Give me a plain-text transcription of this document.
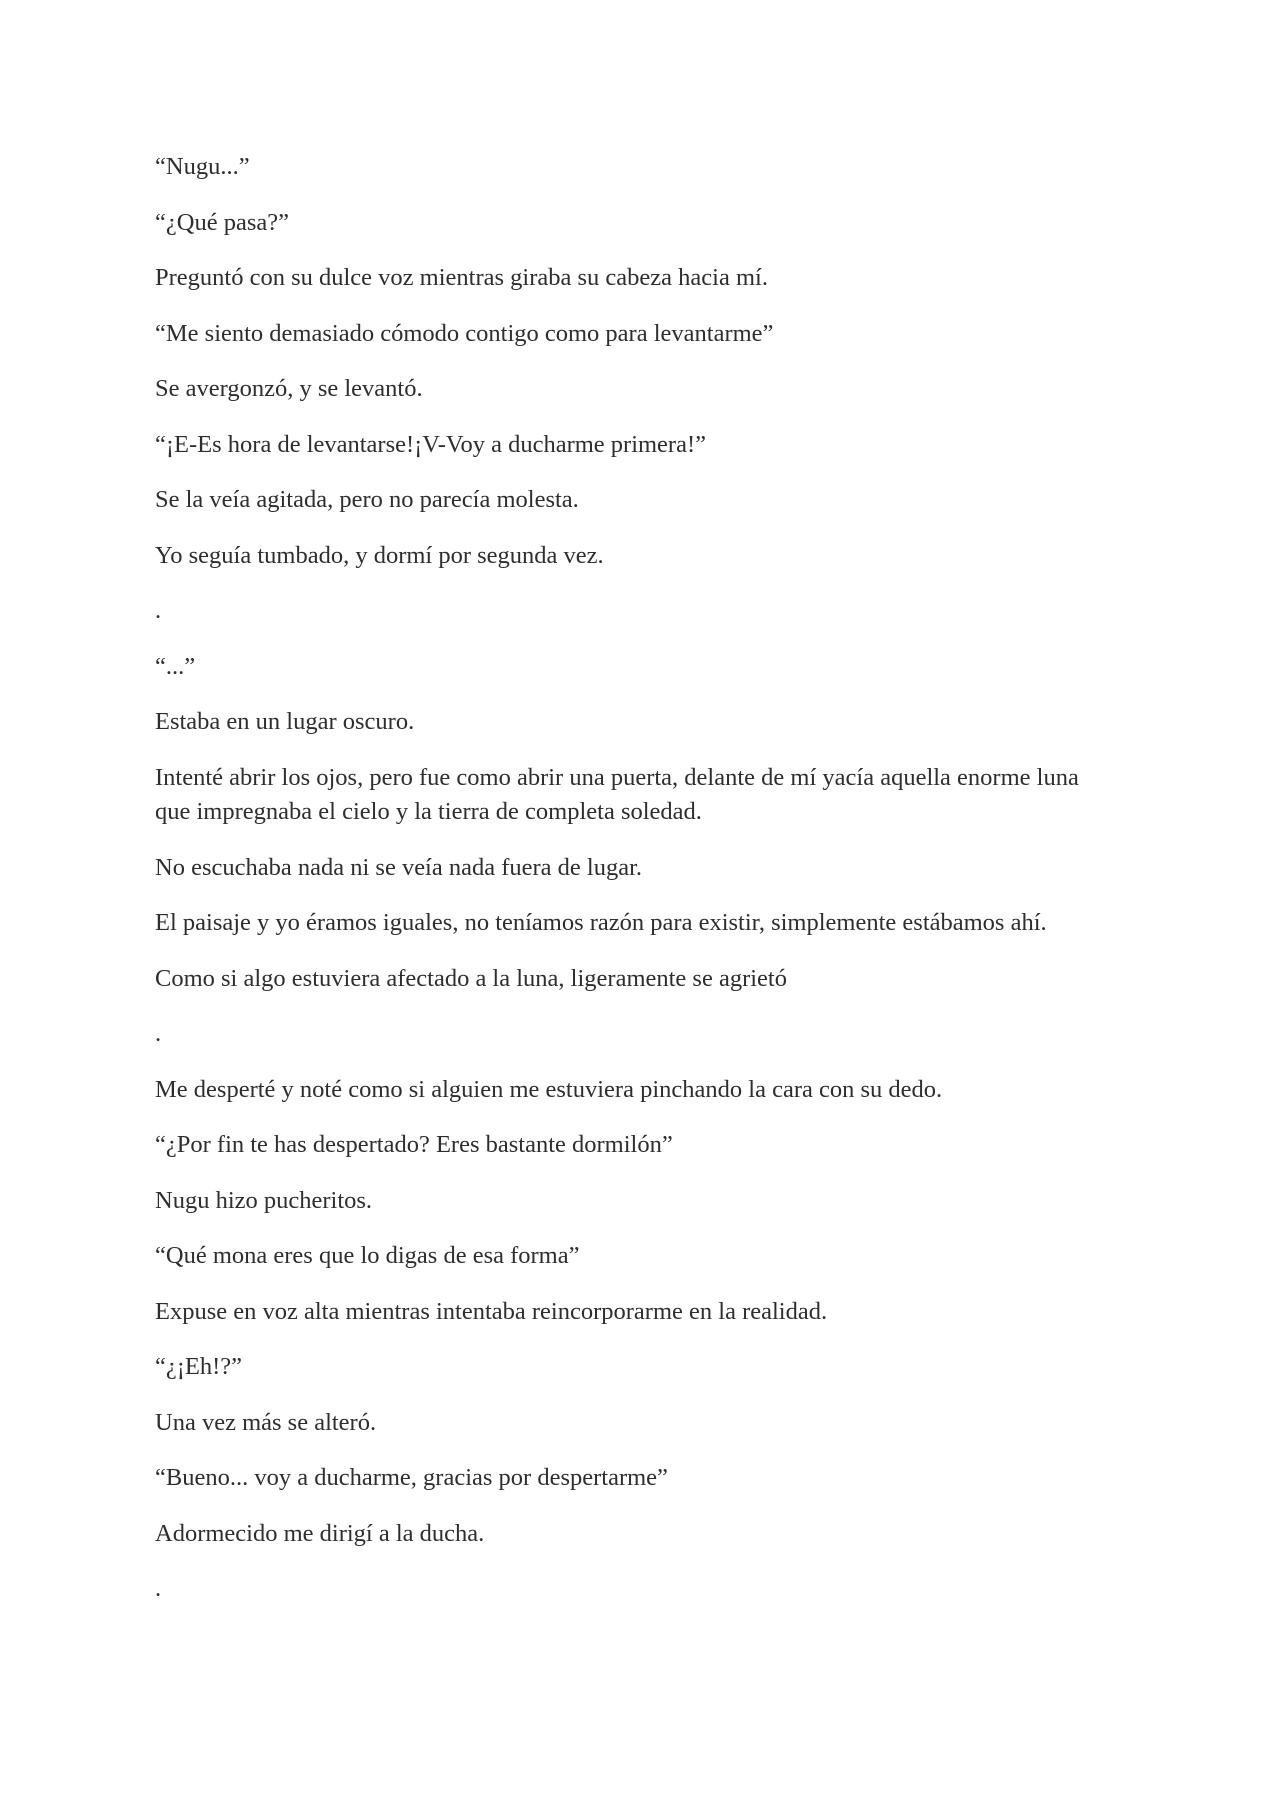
“Nugu...”

“¿Qué pasa?”

Preguntó con su dulce voz mientras giraba su cabeza hacia mí.

“Me siento demasiado cómodo contigo como para levantarme”

Se avergonzó, y se levantó.

“¡E-Es hora de levantarse!¡V-Voy a ducharme primera!”

Se la veía agitada, pero no parecía molesta.

Yo seguía tumbado, y dormí por segunda vez.

.

“...”

Estaba en un lugar oscuro.

Intenté abrir los ojos, pero fue como abrir una puerta, delante de mí yacía aquella enorme luna que impregnaba el cielo y la tierra de completa soledad.

No escuchaba nada ni se veía nada fuera de lugar.

El paisaje y yo éramos iguales, no teníamos razón para existir, simplemente estábamos ahí.

Como si algo estuviera afectado a la luna, ligeramente se agrietó

.

Me desperté y noté como si alguien me estuviera pinchando la cara con su dedo.

“¿Por fin te has despertado? Eres bastante dormilón”

Nugu hizo pucheritos.

“Qué mona eres que lo digas de esa forma”

Expuse en voz alta mientras intentaba reincorporarme en la realidad.

“¿¡Eh!?”

Una vez más se alteró.

“Bueno... voy a ducharme, gracias por despertarme”

Adormecido me dirigí a la ducha.

.
